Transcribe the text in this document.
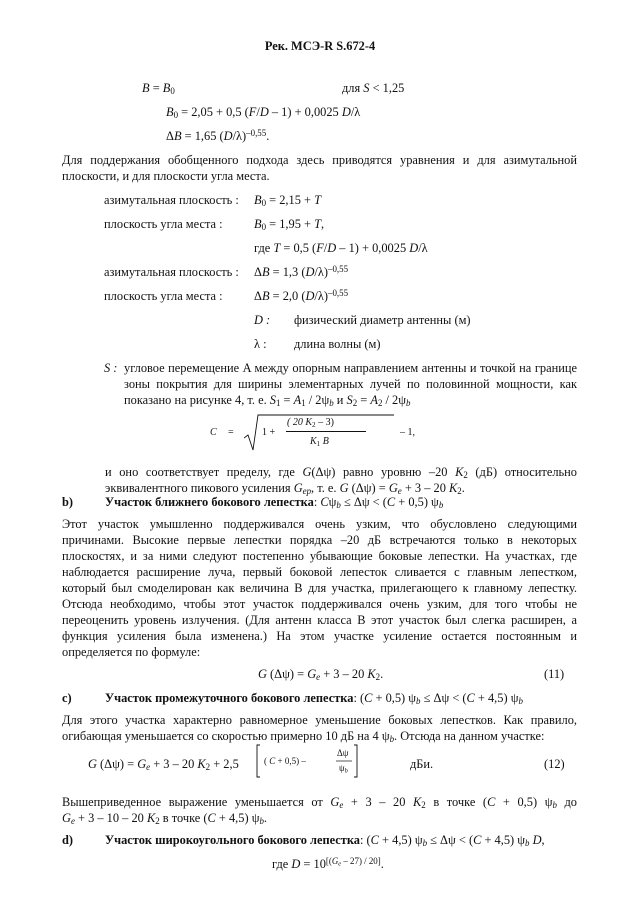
Рек. МСЭ-R S.672-4
$B = B_0$	для S < 1,25
$B_0 = 2,05 + 0,5$ (F/D – 1) + 0,0025 D/λ
ΔB = 1,65 $(D/\lambda)^{-0,55}$.
Для поддержания обобщенного подхода здесь приводятся уравнения и для азимутальной
плоскости, и для плоскости угла места.
азимутальная плоскость : $B_0 = 2,15 + T$
плоскость угла места :	$B_0 = 1,95 + T$,
где T = 0,5 (F/D – 1) + 0,0025 D/λ
азимутальная плоскость : ΔB = 1,3 $(D/\lambda)^{-0,55}$
плоскость угла места :	ΔB = 2,0 $(D/\lambda)^{-0,55}$
D : физический диаметр антенны (м)
λ : длина волны (м)
S : угловое перемещение A между опорным направлением антенны и точкой на границе
зоны покрытия для ширины элементарных лучей по половинной мощности, как
показано на рисунке 4, т. е. $S_1 = A_1 / 2\psi_b$ и $S_2 = A_2 / 2\psi_b$
C =	1 +
( 20 $K_2 - 3$)
$K_1$ B
– 1,
и оно соответствует пределу, где G(Δψ) равно уровню –20 $K_2$ (дБ) относительно
эквивалентного пикового усиления $G_{ep}$, т. е. G $(\Delta\psi) = G_e + 3 - 20$ $K_2$.
b)	Участок ближнего бокового лепестка: $C\psi_b \le \Delta\psi < (C + 0,5)$ $\psi_b$
Этот участок умышленно поддерживался очень узким, что обусловлено следующими
причинами. Высокие первые лепестки порядка –20 дБ встречаются только в некоторых
плоскостях, и за ними следуют постепенно убывающие боковые лепестки. На участках, где
наблюдается расширение луча, первый боковой лепесток сливается с главным лепестком,
который был смоделирован как величина B для участка, прилегающего к главному лепестку.
Отсюда необходимо, чтобы этот участок поддерживался очень узким, для того чтобы не
переоценить уровень излучения. (Для антенн класса B этот участок был слегка расширен, а
функция усиления была изменена.) На этом участке усиление остается постоянным и
определяется по формуле:
G $(\Delta\psi) = G_e + 3 - 20$ $K_2$.	(11)
c)	Участок промежуточного бокового лепестка: (C + 0,5) $\psi_b \le \Delta\psi < (C + 4,5)$ $\psi_b$
Для этого участка характерно равномерное уменьшение боковых лепестков. Как правило,
огибающая уменьшается со скоростью примерно 10 дБ на 4 $\psi_b$. Отсюда на данном участке:
G $(\Delta\psi) = G_e + 3 - 20$ $K_2 + 2,5$	( C + 0,5) –
Δψ
$\psi_b$
дБи.	(12)
Вышеприведенное выражение уменьшается от $G_e + 3 - 20$ $K_2$ в точке (C + 0,5) $\psi_b$ до
$G_e + 3 - 10 - 20$ $K_2$ в точке (C + 4,5) $\psi_b$.
d)	Участок широкоугольного бокового лепестка: (C + 4,5) $\psi_b \le \Delta\psi < (C + 4,5)$ $\psi_b$ D,
где D = 10[(Ge – 27) / 20].
